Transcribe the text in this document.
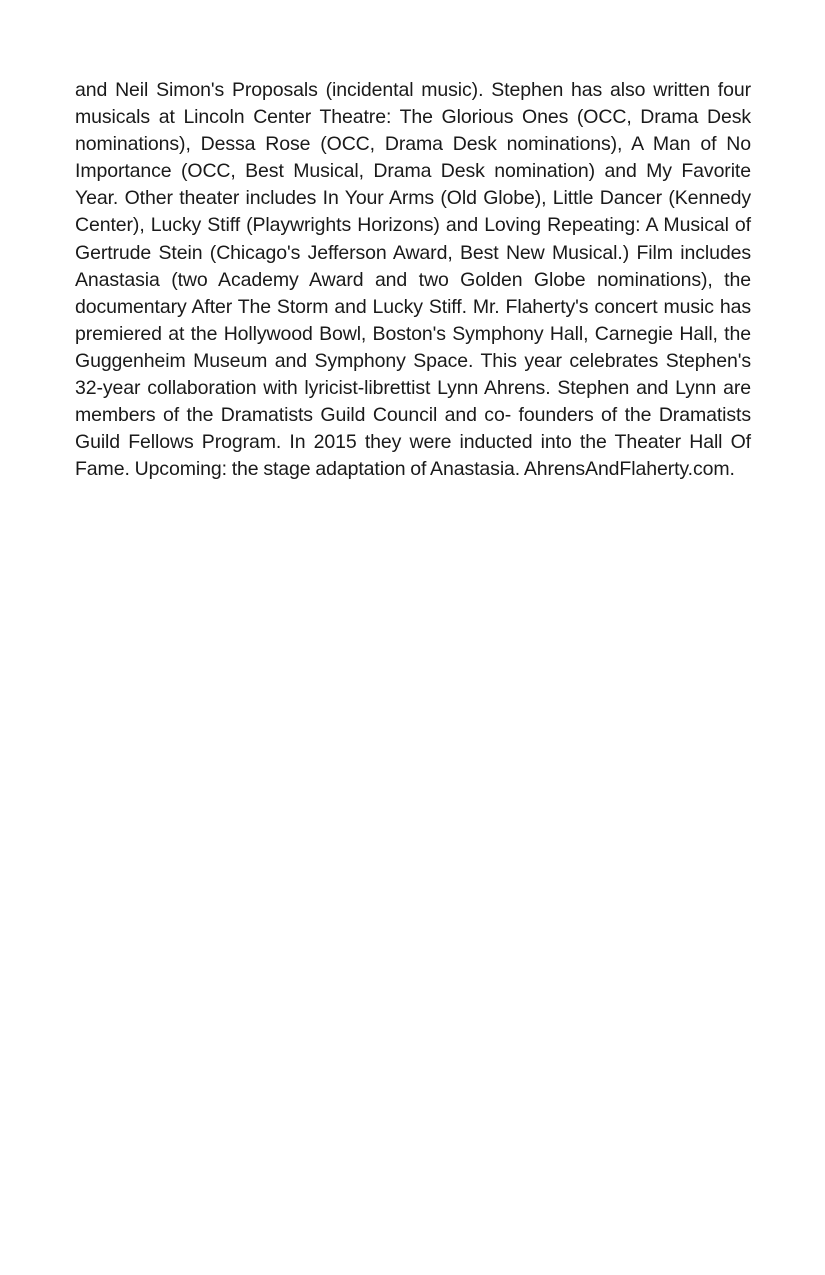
and Neil Simon's Proposals (incidental music). Stephen has also written four musicals at Lincoln Center Theatre: The Glorious Ones (OCC, Drama Desk nominations), Dessa Rose (OCC, Drama Desk nominations), A Man of No Importance (OCC, Best Musical, Drama Desk nomination) and My Favorite Year. Other theater includes In Your Arms (Old Globe), Little Dancer (Kennedy Center), Lucky Stiff (Playwrights Horizons) and Loving Repeating: A Musical of Gertrude Stein (Chicago's Jefferson Award, Best New Musical.) Film includes Anastasia (two Academy Award and two Golden Globe nominations), the documentary After The Storm and Lucky Stiff. Mr. Flaherty's concert music has premiered at the Hollywood Bowl, Boston's Symphony Hall, Carnegie Hall, the Guggenheim Museum and Symphony Space. This year celebrates Stephen's 32-year collaboration with lyricist-librettist Lynn Ahrens. Stephen and Lynn are members of the Dramatists Guild Council and co- founders of the Dramatists Guild Fellows Program. In 2015 they were inducted into the Theater Hall Of Fame. Upcoming: the stage adaptation of Anastasia. AhrensAndFlaherty.com.
